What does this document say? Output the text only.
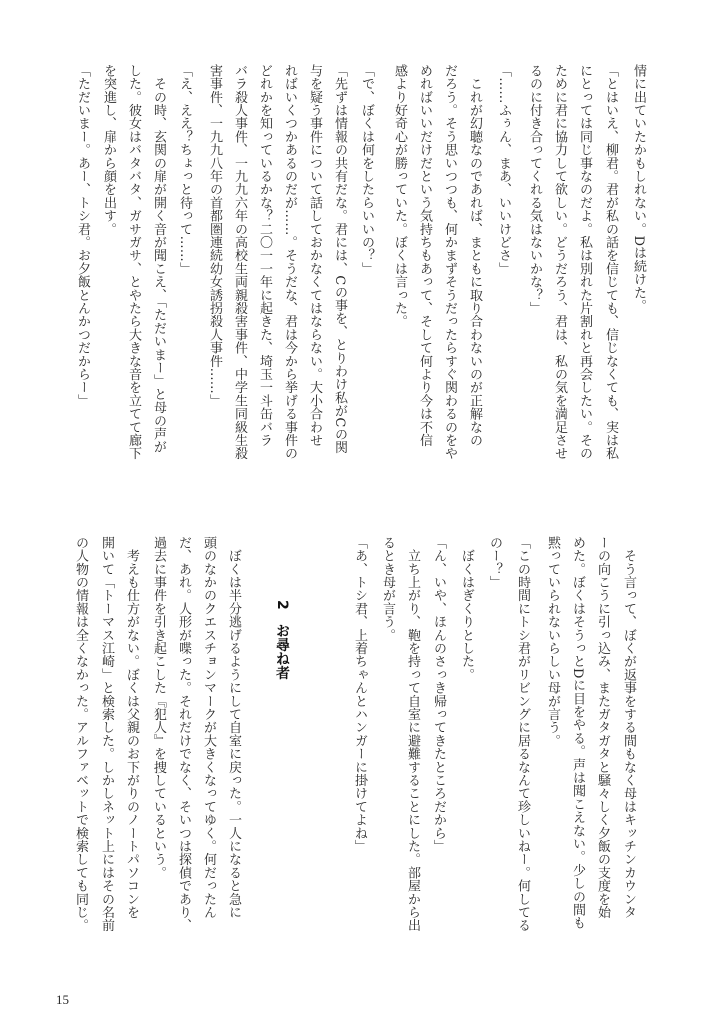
情に出ていたかもしれない。Dは続けた。
「とはいえ、柳君。君が私の話を信じても、信じなくても、実は私
にとっては同じ事なのだよ。私は別れた片割れと再会したい。その
ために君に協力して欲しい。どうだろう、君は、私の気を満足させ
るのに付き合ってくれる気はないかな？」
「……ふぅん、まあ、いいけどさ」
　これが幻聴なのであれば、まともに取り合わないのが正解なの
だろう。そう思いつつも、何かまずそうだったらすぐ関わるのをや
めればいいだけだという気持ちもあって、そして何より今は不信
感より好奇心が勝っていた。ぼくは言った。
「で、ぼくは何をしたらいいの？」
「先ずは情報の共有だな。君には、Cの事を、とりわけ私がCの関
与を疑う事件について話しておかなくてはならない。大小合わせ
ればいくつかあるのだが……。そうだな、君は今から挙げる事件の
どれかを知っているかな？二〇一一年に起きた、埼玉一斗缶バラ
バラ殺人事件、一九九六年の高校生両親殺害事件、中学生同級生殺
害事件、一九九八年の首都圏連続幼女誘拐殺人事件……」
「え、ええ？ちょっと待って……」
　その時、玄関の扉が開く音が聞こえ、「ただいまー」と母の声が
した。彼女はバタバタ、ガサガサ、とやたら大きな音を立てて廊下
を突進し、扉から顔を出す。
「ただいまー。あー、トシ君。お夕飯とんかつだからー」
　そう言って、ぼくが返事をする間もなく母はキッチンカウンタ
ーの向こうに引っ込み、またガタガタと騒々しく夕飯の支度を始
めた。ぼくはそうっとDに目をやる。声は聞こえない。少しの間も
黙っていられないらしい母が言う。
「この時間にトシ君がリビングに居るなんて珍しいねー。何してる
のー？」
　ぼくはぎくりとした。
「ん、いや、ほんのさっき帰ってきたところだから」
　立ち上がり、鞄を持って自室に避難することにした。部屋から出
るとき母が言う。
「あ、トシ君、上着ちゃんとハンガーに掛けてよね」
　ぼくは半分逃げるようにして自室に戻った。一人になると急に
頭のなかのクエスチョンマークが大きくなってゆく。何だったん
だ、あれ。人形が喋った。それだけでなく、そいつは探偵であり、
過去に事件を引き起こした『犯人』を捜しているという。
　考えも仕方がない。ぼくは父親のお下がりのノートパソコンを
開いて「トーマス江崎」と検索した。しかしネット上にはその名前
の人物の情報は全くなかった。アルファベットで検索しても同じ。	2　お尋ね者
15
